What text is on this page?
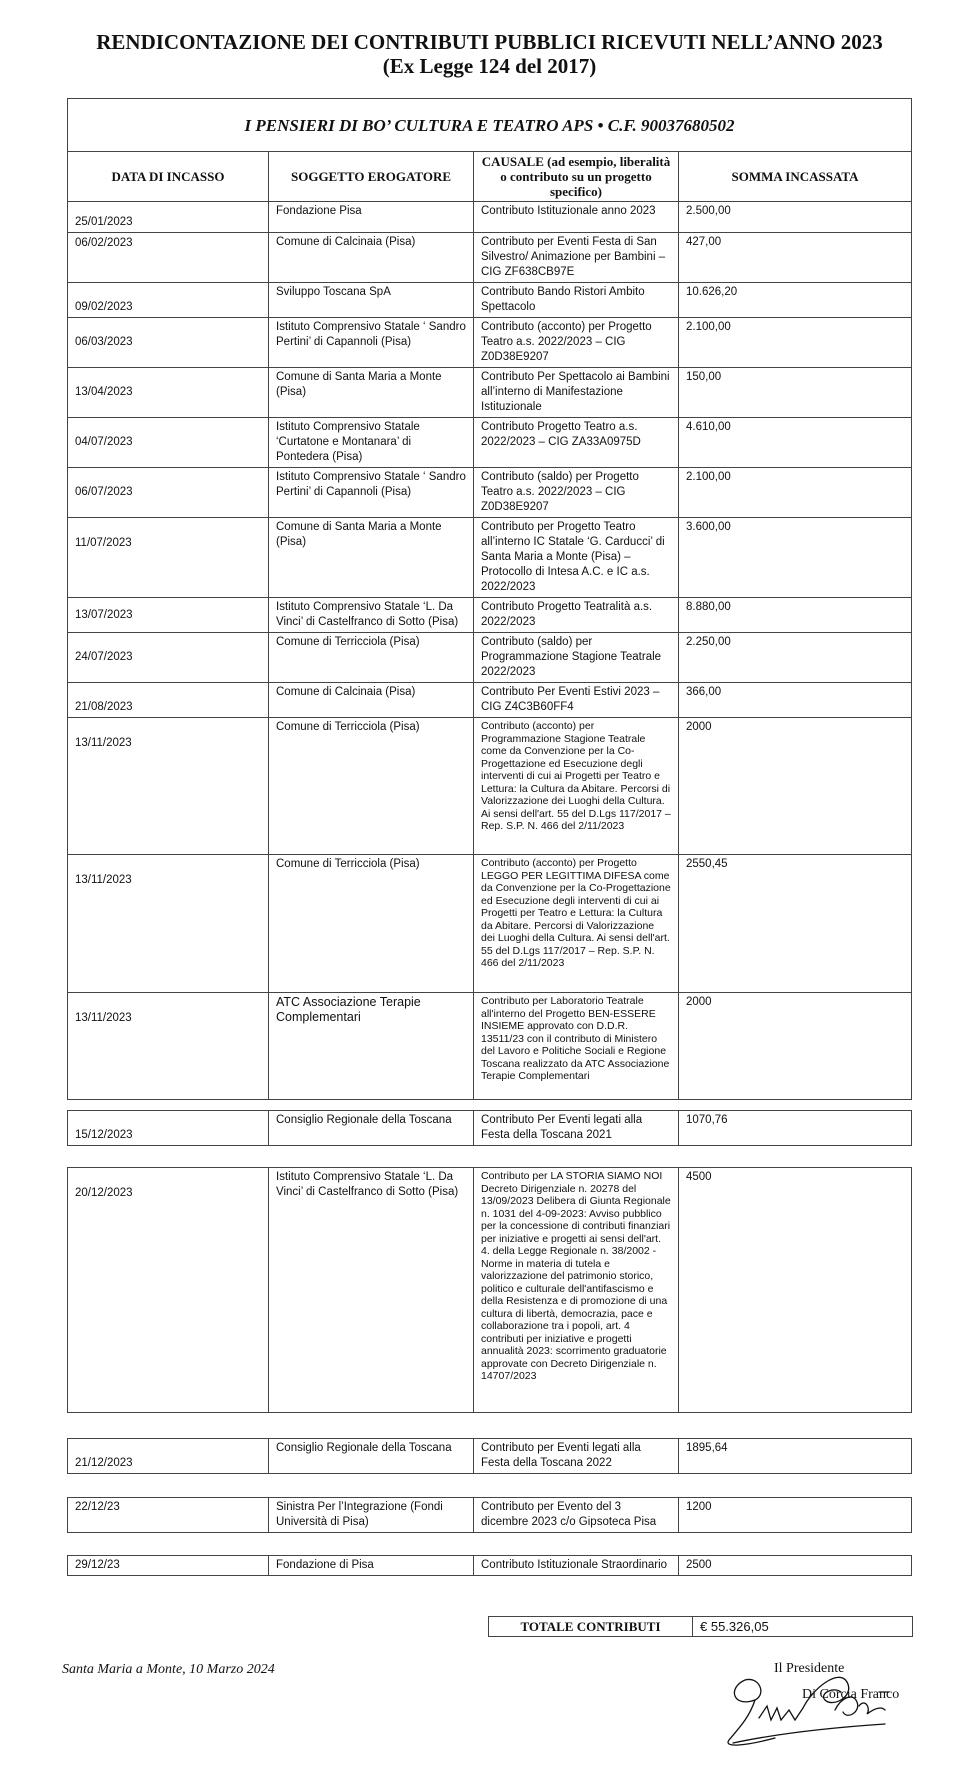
RENDICONTAZIONE DEI CONTRIBUTI PUBBLICI RICEVUTI NELL’ANNO 2023
(Ex Legge 124 del 2017)
I PENSIERI DI BO’ CULTURA E TEATRO APS • C.F. 90037680502			
DATA DI INCASSO	SOGGETTO EROGATORE	CAUSALE (ad esempio, liberalità o contributo su un progetto specifico)	SOMMA INCASSATA
25/01/2023	Fondazione Pisa	Contributo Istituzionale anno 2023	2.500,00
06/02/2023	Comune di Calcinaia (Pisa)	Contributo per Eventi Festa di San Silvestro/ Animazione per Bambini – CIG ZF638CB97E	427,00
09/02/2023	Sviluppo Toscana SpA	Contributo Bando Ristori Ambito Spettacolo	10.626,20
06/03/2023	Istituto Comprensivo Statale ‘ Sandro Pertini’ di Capannoli (Pisa)	Contributo (acconto) per Progetto Teatro a.s. 2022/2023 – CIG Z0D38E9207	2.100,00
13/04/2023	Comune di Santa Maria a Monte (Pisa)	Contributo Per Spettacolo ai Bambini all’interno di Manifestazione Istituzionale	150,00
04/07/2023	Istituto Comprensivo Statale ‘Curtatone e Montanara’ di Pontedera (Pisa)	Contributo Progetto Teatro a.s. 2022/2023 – CIG ZA33A0975D	4.610,00
06/07/2023	Istituto Comprensivo Statale ‘ Sandro Pertini’ di Capannoli (Pisa)	Contributo (saldo) per Progetto Teatro a.s. 2022/2023 – CIG Z0D38E9207	2.100,00
11/07/2023	Comune di Santa Maria a Monte (Pisa)	Contributo per Progetto Teatro all’interno IC Statale ‘G. Carducci’ di Santa Maria a Monte (Pisa) – Protocollo di Intesa A.C. e IC a.s. 2022/2023	3.600,00
13/07/2023	Istituto Comprensivo Statale ‘L. Da Vinci’ di Castelfranco di Sotto (Pisa)	Contributo Progetto Teatralità a.s. 2022/2023	8.880,00
24/07/2023	Comune di Terricciola (Pisa)	Contributo (saldo) per Programmazione Stagione Teatrale 2022/2023	2.250,00
21/08/2023	Comune di Calcinaia (Pisa)	Contributo Per Eventi Estivi 2023 – CIG Z4C3B60FF4	366,00
13/11/2023	Comune di Terricciola (Pisa)	Contributo (acconto) per Programmazione Stagione Teatrale come da Convenzione per la Co-Progettazione ed Esecuzione degli interventi di cui ai Progetti per Teatro e Lettura: la Cultura da Abitare. Percorsi di Valorizzazione dei Luoghi della Cultura. Ai sensi dell'art. 55 del D.Lgs 117/2017 – Rep. S.P. N. 466 del 2/11/2023	2000
13/11/2023	Comune di Terricciola (Pisa)	Contributo (acconto) per Progetto LEGGO PER LEGITTIMA DIFESA come da Convenzione per la Co-Progettazione ed Esecuzione degli interventi di cui ai Progetti per Teatro e Lettura: la Cultura da Abitare. Percorsi di Valorizzazione dei Luoghi della Cultura. Ai sensi dell'art. 55 del D.Lgs 117/2017 – Rep. S.P. N. 466 del 2/11/2023	2550,45
13/11/2023	ATC Associazione Terapie Complementari	Contributo per Laboratorio Teatrale all'interno del Progetto BEN-ESSERE INSIEME approvato con D.D.R. 13511/23 con il contributo di Ministero del Lavoro e Politiche Sociali e Regione Toscana realizzato da ATC Associazione Terapie Complementari	2000
15/12/2023	Consiglio Regionale della Toscana	Contributo Per Eventi legati alla Festa della Toscana 2021	1070,76
20/12/2023	Istituto Comprensivo Statale ‘L. Da Vinci’ di Castelfranco di Sotto (Pisa)	Contributo per LA STORIA SIAMO NOI Decreto Dirigenziale n. 20278 del 13/09/2023 Delibera di Giunta Regionale n. 1031 del 4-09-2023: Avviso pubblico per la concessione di contributi finanziari per iniziative e progetti ai sensi dell'art. 4. della Legge Regionale n. 38/2002 - Norme in materia di tutela e valorizzazione del patrimonio storico, politico e culturale dell'antifascismo e della Resistenza e di promozione di una cultura di libertà, democrazia, pace e collaborazione tra i popoli, art. 4 contributi per iniziative e progetti annualità 2023: scorrimento graduatorie approvate con Decreto Dirigenziale n. 14707/2023	4500
21/12/2023	Consiglio Regionale della Toscana	Contributo per Eventi legati alla Festa della Toscana 2022	1895,64
22/12/23	Sinistra Per l’Integrazione (Fondi Università di Pisa)	Contributo per Evento del 3 dicembre 2023 c/o Gipsoteca Pisa	1200
29/12/23	Fondazione di Pisa	Contributo Istituzionale Straordinario	2500
TOTALE CONTRIBUTI	€ 55.326,05
Santa Maria a Monte, 10 Marzo 2024	Il Presidente
Di Corcia Franco
